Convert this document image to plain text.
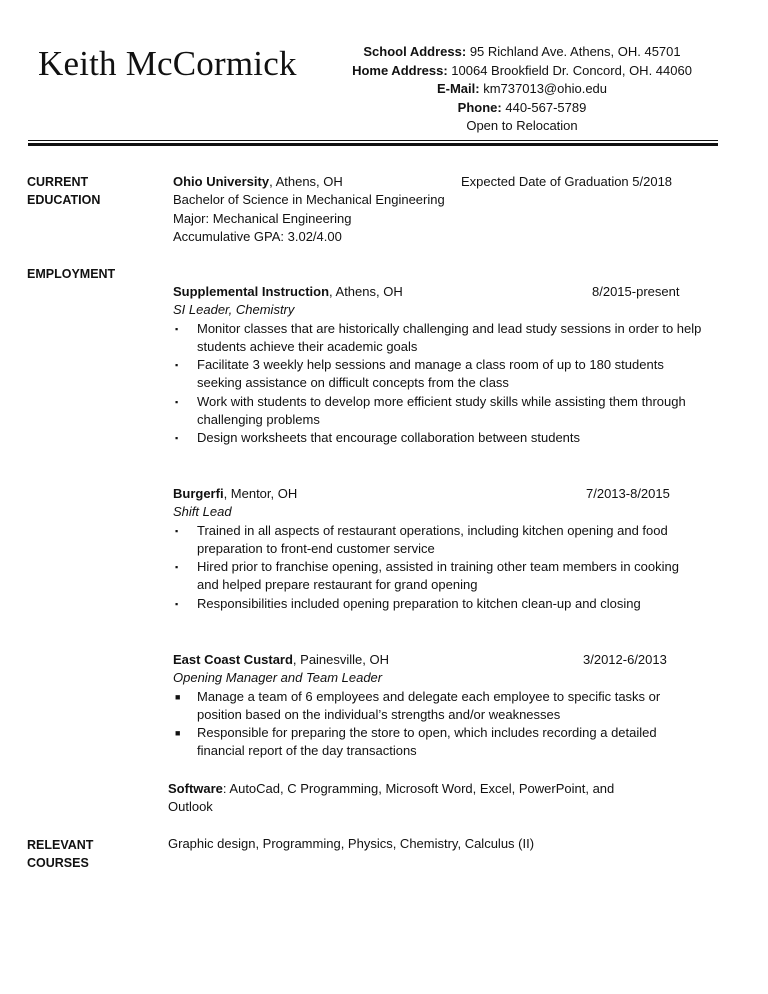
Keith McCormick	School Address: 95 Richland Ave. Athens, OH. 45701
Home Address: 10064 Brookfield Dr. Concord, OH. 44060
E-Mail: km737013@ohio.edu
Phone: 440-567-5789
Open to Relocation
CURRENT
EDUCATION
Ohio University, Athens, OH	Expected Date of Graduation 5/2018
Bachelor of Science in Mechanical Engineering
Major: Mechanical Engineering
Accumulative GPA: 3.02/4.00
EMPLOYMENT
Supplemental Instruction, Athens, OH	8/2015-present
SI Leader, Chemistry
▪ Monitor classes that are historically challenging and lead study sessions in order to help students achieve their academic goals
▪ Facilitate 3 weekly help sessions and manage a class room of up to 180 students seeking assistance on difficult concepts from the class
▪ Work with students to develop more efficient study skills while assisting them through challenging problems
▪ Design worksheets that encourage collaboration between students
Burgerfi, Mentor, OH	7/2013-8/2015
Shift Lead
▪ Trained in all aspects of restaurant operations, including kitchen opening and food preparation to front-end customer service
▪ Hired prior to franchise opening, assisted in training other team members in cooking and helped prepare restaurant for grand opening
▪ Responsibilities included opening preparation to kitchen clean-up and closing
East Coast Custard, Painesville, OH	3/2012-6/2013
Opening Manager and Team Leader
■ Manage a team of 6 employees and delegate each employee to specific tasks or position based on the individual’s strengths and/or weaknesses
■ Responsible for preparing the store to open, which includes recording a detailed financial report of the day transactions
Software: AutoCad, C Programming, Microsoft Word, Excel, PowerPoint, and Outlook
RELEVANT
COURSES
Graphic design, Programming, Physics, Chemistry, Calculus (II)
